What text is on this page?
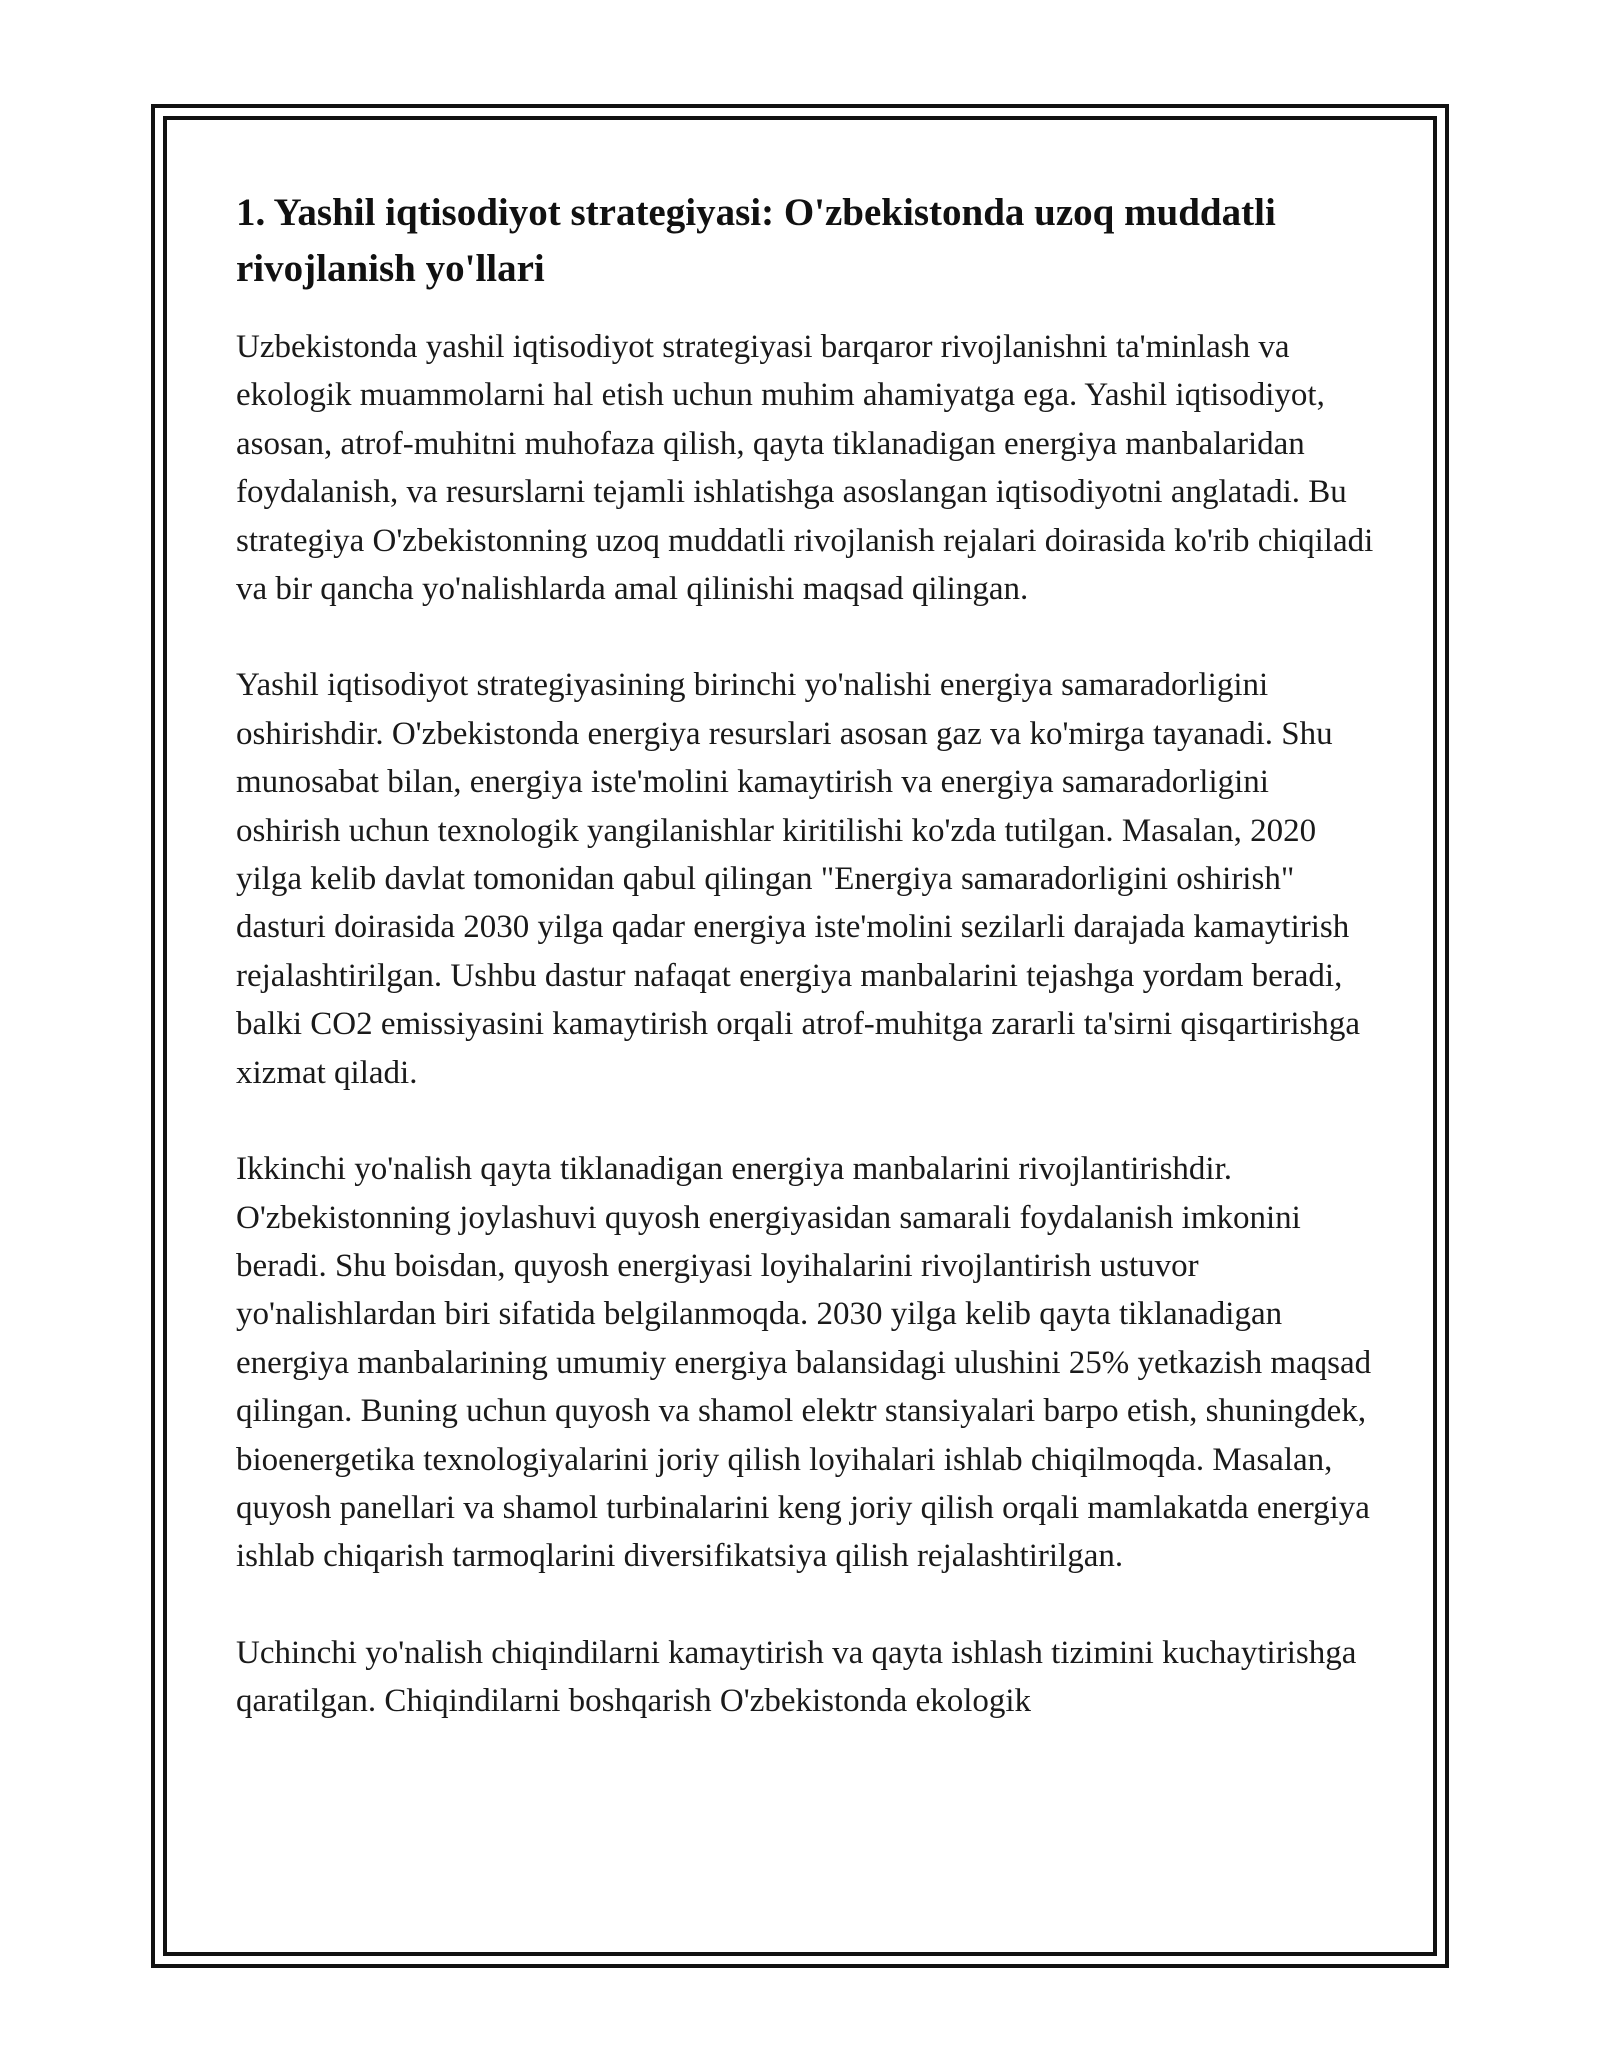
1. Yashil iqtisodiyot strategiyasi: O'zbekistonda uzoq muddatli rivojlanish yo'llari

Uzbekistonda yashil iqtisodiyot strategiyasi barqaror rivojlanishni ta'minlash va ekologik muammolarni hal etish uchun muhim ahamiyatga ega. Yashil iqtisodiyot, asosan, atrof-muhitni muhofaza qilish, qayta tiklanadigan energiya manbalaridan foydalanish, va resurslarni tejamli ishlatishga asoslangan iqtisodiyotni anglatadi. Bu strategiya O'zbekistonning uzoq muddatli rivojlanish rejalari doirasida ko'rib chiqiladi va bir qancha yo'nalishlarda amal qilinishi maqsad qilingan.

Yashil iqtisodiyot strategiyasining birinchi yo'nalishi energiya samaradorligini oshirishdir. O'zbekistonda energiya resurslari asosan gaz va ko'mirga tayanadi. Shu munosabat bilan, energiya iste'molini kamaytirish va energiya samaradorligini oshirish uchun texnologik yangilanishlar kiritilishi ko'zda tutilgan. Masalan, 2020 yilga kelib davlat tomonidan qabul qilingan "Energiya samaradorligini oshirish" dasturi doirasida 2030 yilga qadar energiya iste'molini sezilarli darajada kamaytirish rejalashtirilgan. Ushbu dastur nafaqat energiya manbalarini tejashga yordam beradi, balki CO2 emissiyasini kamaytirish orqali atrof-muhitga zararli ta'sirni qisqartirishga xizmat qiladi.

Ikkinchi yo'nalish qayta tiklanadigan energiya manbalarini rivojlantirishdir. O'zbekistonning joylashuvi quyosh energiyasidan samarali foydalanish imkonini beradi. Shu boisdan, quyosh energiyasi loyihalarini rivojlantirish ustuvor yo'nalishlardan biri sifatida belgilanmoqda. 2030 yilga kelib qayta tiklanadigan energiya manbalarining umumiy energiya balansidagi ulushini 25% yetkazish maqsad qilingan. Buning uchun quyosh va shamol elektr stansiyalari barpo etish, shuningdek, bioenergetika texnologiyalarini joriy qilish loyihalari ishlab chiqilmoqda. Masalan, quyosh panellari va shamol turbinalarini keng joriy qilish orqali mamlakatda energiya ishlab chiqarish tarmoqlarini diversifikatsiya qilish rejalashtirilgan.

Uchinchi yo'nalish chiqindilarni kamaytirish va qayta ishlash tizimini kuchaytirishga qaratilgan. Chiqindilarni boshqarish O'zbekistonda ekologik
